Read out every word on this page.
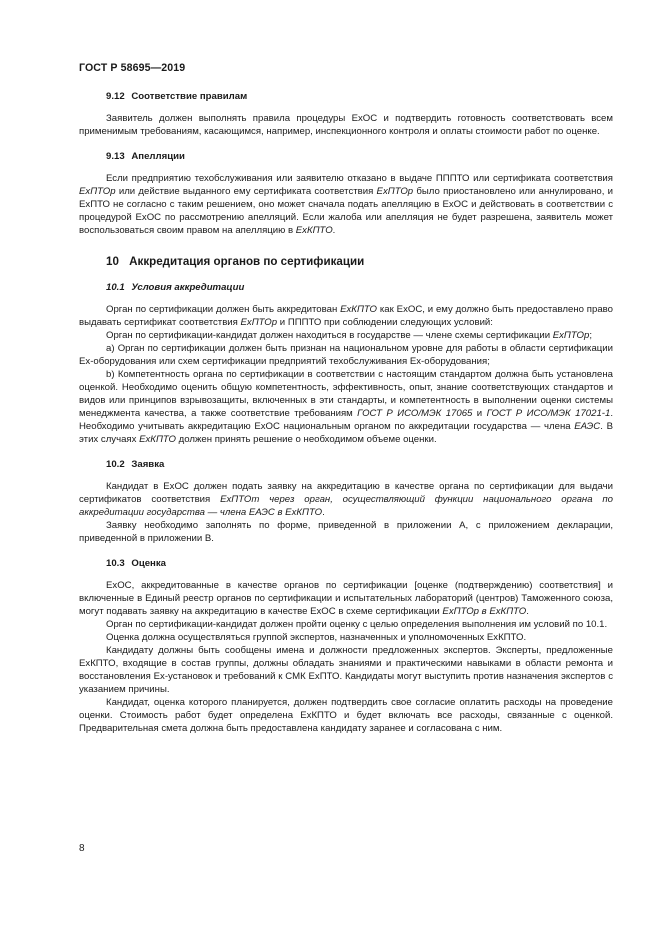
ГОСТ Р 58695—2019
9.12 Соответствие правилам

Заявитель должен выполнять правила процедуры ExOC и подтвердить готовность соответствовать всем применимым требованиям, касающимся, например, инспекционного контроля и оплаты стоимости работ по оценке.

9.13 Апелляции

Если предприятию техобслуживания или заявителю отказано в выдаче ПППТО или сертификата соответствия ExПТОр или действие выданного ему сертификата соответствия ExПТОр было приостановлено или аннулировано, и ExПТО не согласно с таким решением, оно может сначала подать апелляцию в ExOC и действовать в соответствии с процедурой ExOC по рассмотрению апелляций. Если жалоба или апелляция не будет разрешена, заявитель может воспользоваться своим правом на апелляцию в ExКПТО.

10 Аккредитация органов по сертификации
10.1 Условия аккредитации

Орган по сертификации должен быть аккредитован ExКПТО как ExOC, и ему должно быть предоставлено право выдавать сертификат соответствия ExПТОр и ПППТО при соблюдении следующих условий:

Орган по сертификации-кандидат должен находиться в государстве — члене схемы сертификации ExПТОр;

a) Орган по сертификации должен быть признан на национальном уровне для работы в области сертификации Ex-оборудования или схем сертификации предприятий техобслуживания Ex-оборудования;

b) Компетентность органа по сертификации в соответствии с настоящим стандартом должна быть установлена оценкой. Необходимо оценить общую компетентность, эффективность, опыт, знание соответствующих стандартов и видов или принципов взрывозащиты, включенных в эти стандарты, и компетентность в выполнении оценки системы менеджмента качества, а также соответствие требованиям ГОСТ Р ИСО/МЭК 17065 и ГОСТ Р ИСО/МЭК 17021-1. Необходимо учитывать аккредитацию ExOC национальным органом по аккредитации государства — члена ЕАЭС. В этих случаях ExКПТО должен принять решение о необходимом объеме оценки.

10.2 Заявка

Кандидат в ExOC должен подать заявку на аккредитацию в качестве органа по сертификации для выдачи сертификатов соответствия ExПТОт через орган, осуществляющий функции национального органа по аккредитации государства — члена ЕАЭС в ExКПТО.

Заявку необходимо заполнять по форме, приведенной в приложении А, с приложением декларации, приведенной в приложении В.

10.3 Оценка

ExOC, аккредитованные в качестве органов по сертификации [оценке (подтверждению) соответствия] и включенные в Единый реестр органов по сертификации и испытательных лабораторий (центров) Таможенного союза, могут подавать заявку на аккредитацию в качестве ExOC в схеме сертификации ExПТОр в ExКПТО.

Орган по сертификации-кандидат должен пройти оценку с целью определения выполнения им условий по 10.1.

Оценка должна осуществляться группой экспертов, назначенных и уполномоченных ExКПТО.

Кандидату должны быть сообщены имена и должности предложенных экспертов. Эксперты, предложенные ExКПТО, входящие в состав группы, должны обладать знаниями и практическими навыками в области ремонта и восстановления Ex-установок и требований к СМК ExПТО. Кандидаты могут выступить против назначения экспертов с указанием причины.

Кандидат, оценка которого планируется, должен подтвердить свое согласие оплатить расходы на проведение оценки. Стоимость работ будет определена ExКПТО и будет включать все расходы, связанные с оценкой. Предварительная смета должна быть предоставлена кандидату заранее и согласована с ним.

8
